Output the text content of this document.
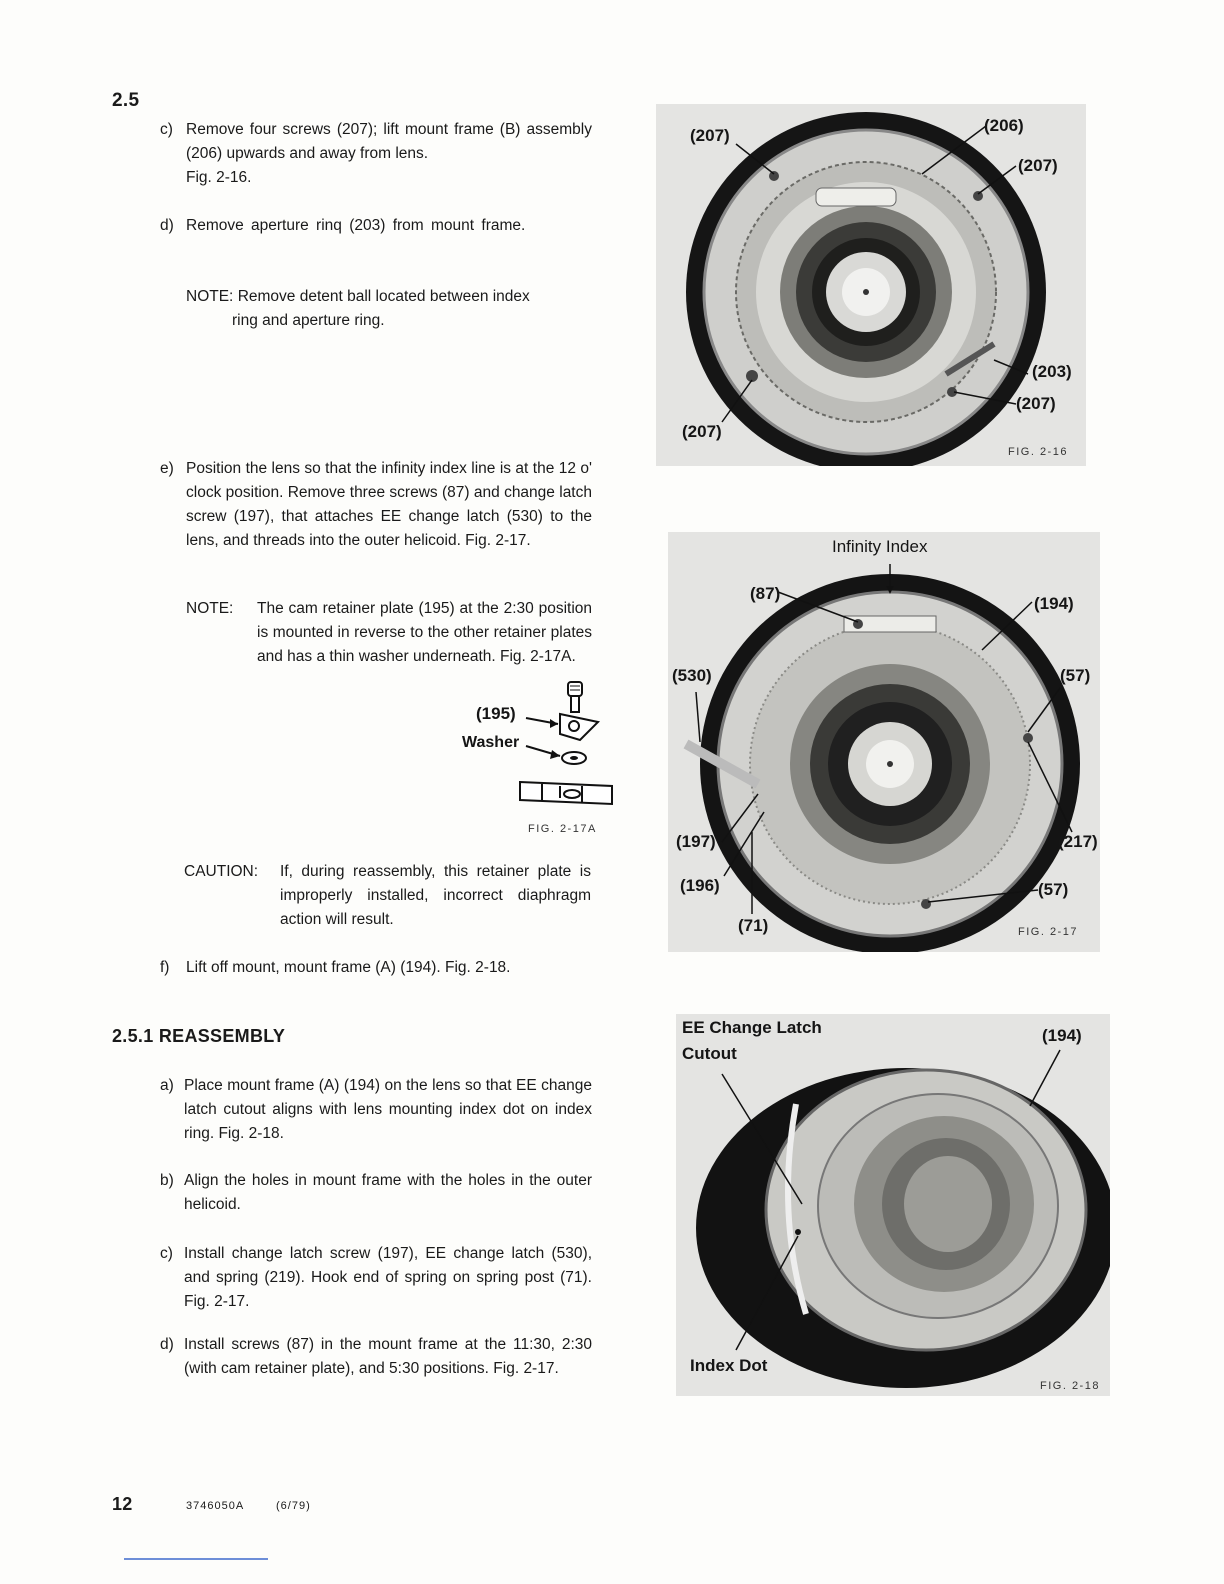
2.5
c) Remove four screws (207); lift mount frame (B) assembly (206) upwards and away from lens.
Fig. 2-16.
d) Remove aperture rinq (203) from mount frame.
NOTE: Remove detent ball located between index
ring and aperture ring.
e) Position the lens so that the infinity index line is at the 12 o' clock position. Remove three screws (87) and change latch screw (197), that attaches EE change latch (530) to the lens, and threads into the outer helicoid. Fig. 2-17.
NOTE: The cam retainer plate (195) at the 2:30 position is mounted in reverse to the other retainer plates and has a thin washer underneath. Fig. 2-17A.
(195)
Washer
FIG. 2-17A
CAUTION: If, during reassembly, this retainer plate is improperly installed, incorrect diaphragm action will result.
f) Lift off mount, mount frame (A) (194). Fig. 2-18.
2.5.1 REASSEMBLY
a) Place mount frame (A) (194) on the lens so that EE change latch cutout aligns with lens mounting index dot on index ring. Fig. 2-18.
b) Align the holes in mount frame with the holes in the outer helicoid.
c) Install change latch screw (197), EE change latch (530), and spring (219). Hook end of spring on spring post (71). Fig. 2-17.
d) Install screws (87) in the mount frame at the 11:30, 2:30 (with cam retainer plate), and 5:30 positions. Fig. 2-17.
(207)
(206)
(207)
(203)
(207)
(207)
FIG. 2-16
Infinity Index
(87)
(194)
(530)	(57)
(197)	(217)
(196)	(57)
(71)	FIG. 2-17
EE Change Latch
Cutout
(194)
Index Dot
FIG. 2-18
12	3746050A	(6/79)
